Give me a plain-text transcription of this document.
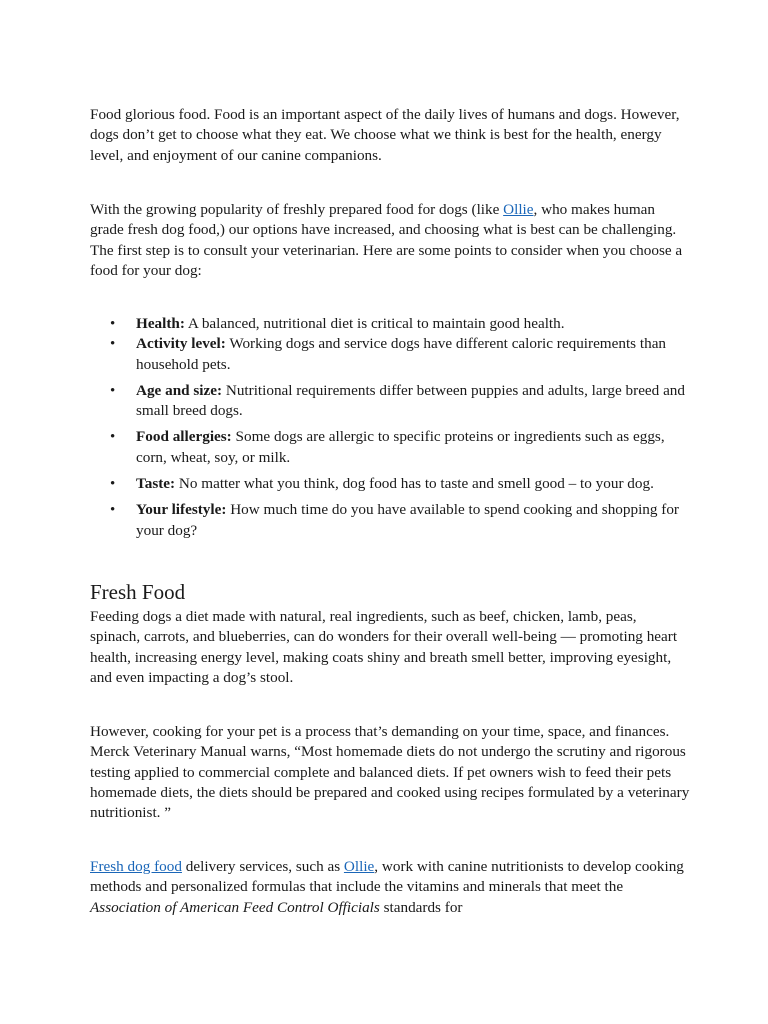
Food glorious food. Food is an important aspect of the daily lives of humans and dogs. However, dogs don’t get to choose what they eat. We choose what we think is best for the health, energy level, and enjoyment of our canine companions.

With the growing popularity of freshly prepared food for dogs (like Ollie, who makes human grade fresh dog food,) our options have increased, and choosing what is best can be challenging. The first step is to consult your veterinarian. Here are some points to consider when you choose a food for your dog:

• Health: A balanced, nutritional diet is critical to maintain good health.
• Activity level: Working dogs and service dogs have different caloric requirements than household pets.
• Age and size: Nutritional requirements differ between puppies and adults, large breed and small breed dogs.
• Food allergies: Some dogs are allergic to specific proteins or ingredients such as eggs, corn, wheat, soy, or milk.
• Taste: No matter what you think, dog food has to taste and smell good – to your dog.
• Your lifestyle: How much time do you have available to spend cooking and shopping for your dog?
Fresh Food

Feeding dogs a diet made with natural, real ingredients, such as beef, chicken, lamb, peas, spinach, carrots, and blueberries, can do wonders for their overall well-being — promoting heart health, increasing energy level, making coats shiny and breath smell better, improving eyesight, and even impacting a dog’s stool.

However, cooking for your pet is a process that’s demanding on your time, space, and finances. Merck Veterinary Manual warns, “Most homemade diets do not undergo the scrutiny and rigorous testing applied to commercial complete and balanced diets. If pet owners wish to feed their pets homemade diets, the diets should be prepared and cooked using recipes formulated by a veterinary nutritionist. ”

Fresh dog food delivery services, such as Ollie, work with canine nutritionists to develop cooking methods and personalized formulas that include the vitamins and minerals that meet the Association of American Feed Control Officials standards for
